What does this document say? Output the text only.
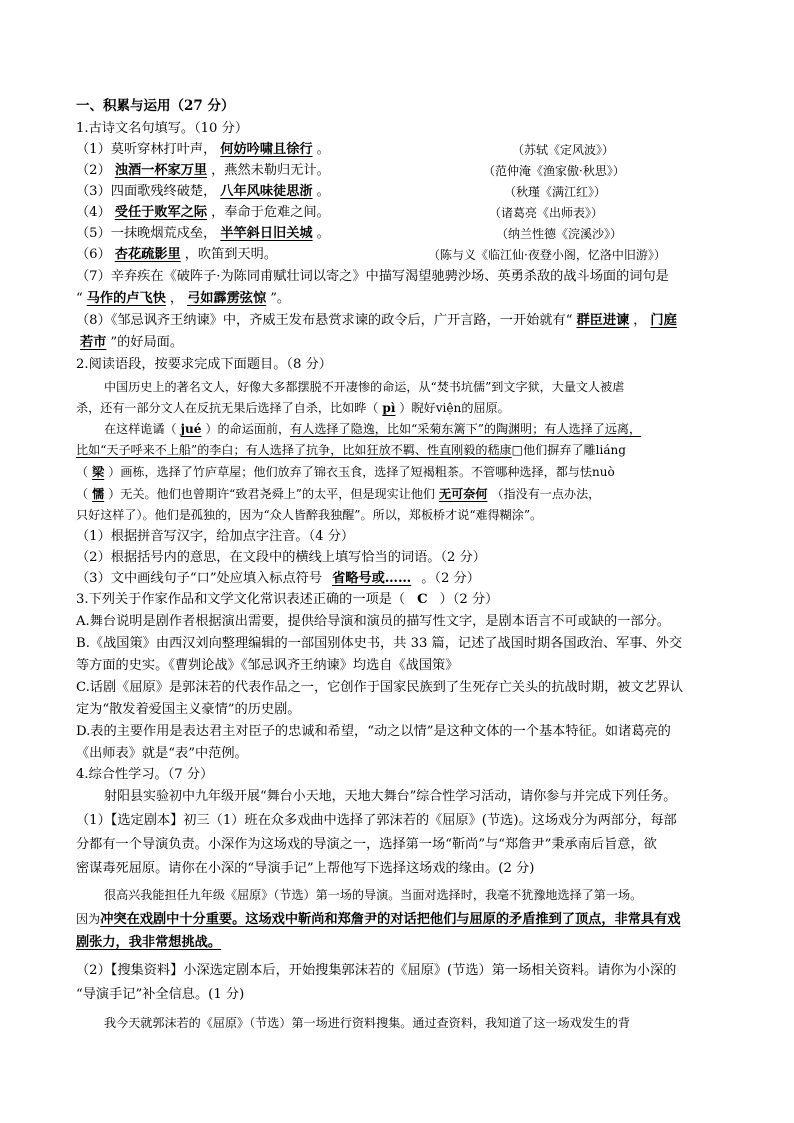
一、积累与运用（27 分）
1.古诗文名句填写。（10 分）
（1）莫听穿林打叶声， 何妨吟啸且徐行 。	（苏轼《定风波》）
（2） 浊酒一杯家万里 ，燕然未勒归无计。	（范仲淹《渔家傲·秋思》）
（3）四面歌残终破楚， 八年风味徒思浙 。	（秋瑾《满江红》）
（4） 受任于败军之际 ，奉命于危难之间。	（诸葛亮《出师表》）
（5）一抹晚烟荒戍垒， 半竿斜日旧关城 。	（纳兰性德《浣溪沙》）
（6） 杏花疏影里 ，吹笛到天明。	（陈与义《临江仙·夜登小阁，忆洛中旧游》）
（7）辛弃疾在《破阵子·为陈同甫赋壮词以寄之》中描写渴望驰骋沙场、英勇杀敌的战斗场面的词句是
“ 马作的卢飞快 ， 弓如霹雳弦惊 ”。
（8）《邹忌讽齐王纳谏》中，齐威王发布悬赏求谏的政令后，广开言路，一开始就有“ 群臣进谏 ， 门庭
若市 ”的好局面。
2.阅读语段，按要求完成下面题目。（8 分）
中国历史上的著名文人，好像大多都摆脱不开凄惨的命运，从“焚书坑儒”到文字狱，大量文人被虐
杀，还有一部分文人在反抗无果后选择了自杀，比如晔（ pì ）睨好viện的屈原。
在这样诡谲（ jué ）的命运面前，有人选择了隐逸，比如“采菊东篱下”的陶渊明；有人选择了远离，
比如“天子呼来不上船”的李白；有人选择了抗争，比如狂放不羁、性直刚毅的嵇康□他们摒弃了雕liáng
（ 梁 ）画栋，选择了竹庐草屋；他们放弃了锦衣玉食，选择了短褐粗茶。不管哪种选择，都与怯nuò
（ 懦 ）无关。他们也曾期许“致君尧舜上”的太平，但是现实让他们 无可奈何 （指没有一点办法，
只好这样了）。他们是孤独的，因为“众人皆醉我独醒”。所以，郑板桥才说“难得糊涂”。
（1）根据拼音写汉字，给加点字注音。（4 分）
（2）根据括号内的意思，在文段中的横线上填写恰当的词语。（2 分）
（3）文中画线句子“口”处应填入标点符号 省略号或…… 。（2 分）
3.下列关于作家作品和文学文化常识表述正确的一项是（ C ）（2 分）
A.舞台说明是剧作者根据演出需要，提供给导演和演员的描写性文字，是剧本语言不可或缺的一部分。
B.《战国策》由西汉刘向整理编辑的一部国别体史书，共 33 篇，记述了战国时期各国政治、军事、外交
等方面的史实。《曹刿论战》《邹忌讽齐王纳谏》均选自《战国策》
C.话剧《屈原》是郭沫若的代表作品之一，它创作于国家民族到了生死存亡关头的抗战时期，被文艺界认
定为“散发着爱国主义豪情”的历史剧。
D.表的主要作用是表达君主对臣子的忠诚和希望，“动之以情”是这种文体的一个基本特征。如诸葛亮的
《出师表》就是“表”中范例。
4.综合性学习。（7 分）
射阳县实验初中九年级开展“舞台小天地，天地大舞台”综合性学习活动，请你参与并完成下列任务。
（1）【选定剧本】初三（1）班在众多戏曲中选择了郭沫若的《屈原》(节选)。这场戏分为两部分，每部
分都有一个导演负责。小深作为这场戏的导演之一，选择第一场“靳尚”与“郑詹尹”秉承南后旨意，欲
密谋毒死屈原。请你在小深的“导演手记”上帮他写下选择这场戏的缘由。(2 分)
很高兴我能担任九年级《屈原》（节选）第一场的导演。当面对选择时，我毫不犹豫地选择了第一场。
因为冲突在戏剧中十分重要。这场戏中靳尚和郑詹尹的对话把他们与屈原的矛盾推到了顶点，非常具有戏
剧张力，我非常想挑战。
（2）【搜集资料】小深选定剧本后，开始搜集郭沫若的《屈原》(节选）第一场相关资料。请你为小深的
“导演手记”补全信息。(1 分)
我今天就郭沫若的《屈原》（节选）第一场进行资料搜集。通过查资料，我知道了这一场戏发生的背
